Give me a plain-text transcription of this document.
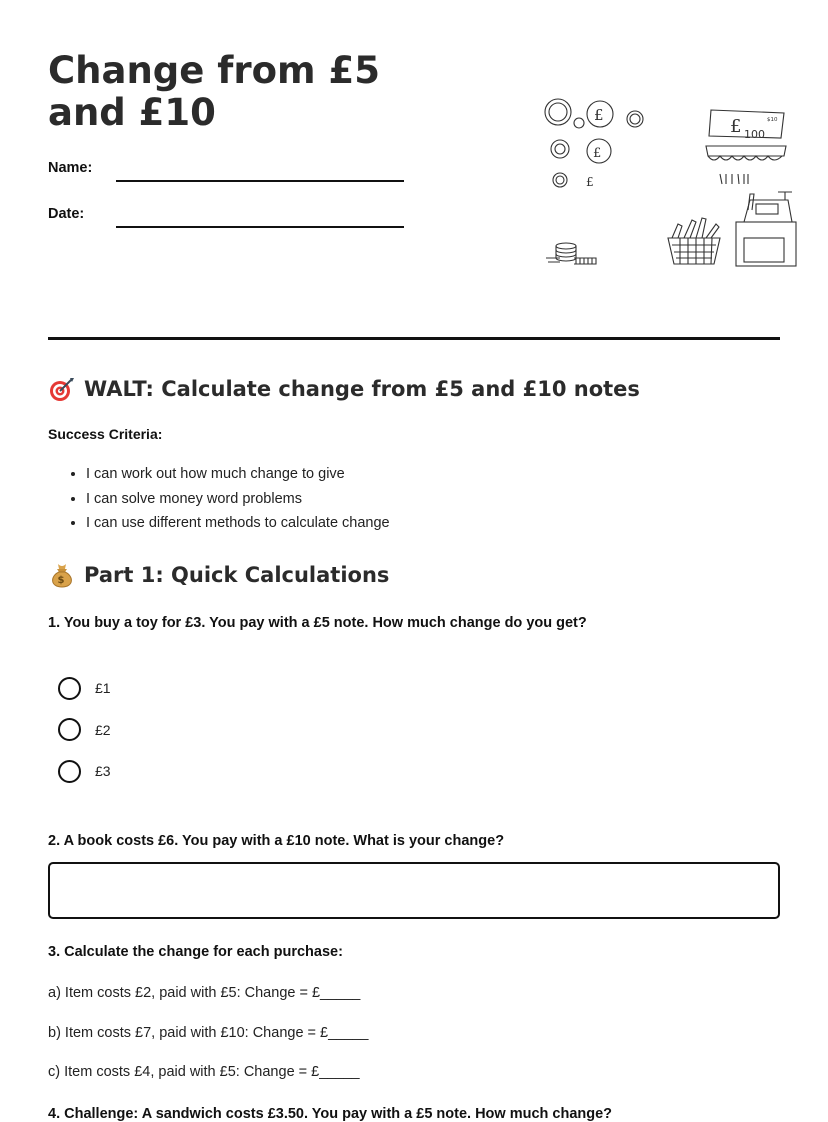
Change from £5 and £10
Name:
Date:
£
£
£
£ 100
$10
WALT: Calculate change from £5 and £10 notes
Success Criteria:
• I can work out how much change to give
• I can solve money word problems
• I can use different methods to calculate change
$ Part 1: Quick Calculations
1. You buy a toy for £3. You pay with a £5 note. How much change do you get?
£1
£2
£3
2. A book costs £6. You pay with a £10 note. What is your change?
3. Calculate the change for each purchase:
a) Item costs £2, paid with £5: Change = £_____
b) Item costs £7, paid with £10: Change = £_____
c) Item costs £4, paid with £5: Change = £_____
4. Challenge: A sandwich costs £3.50. You pay with a £5 note. How much change?
